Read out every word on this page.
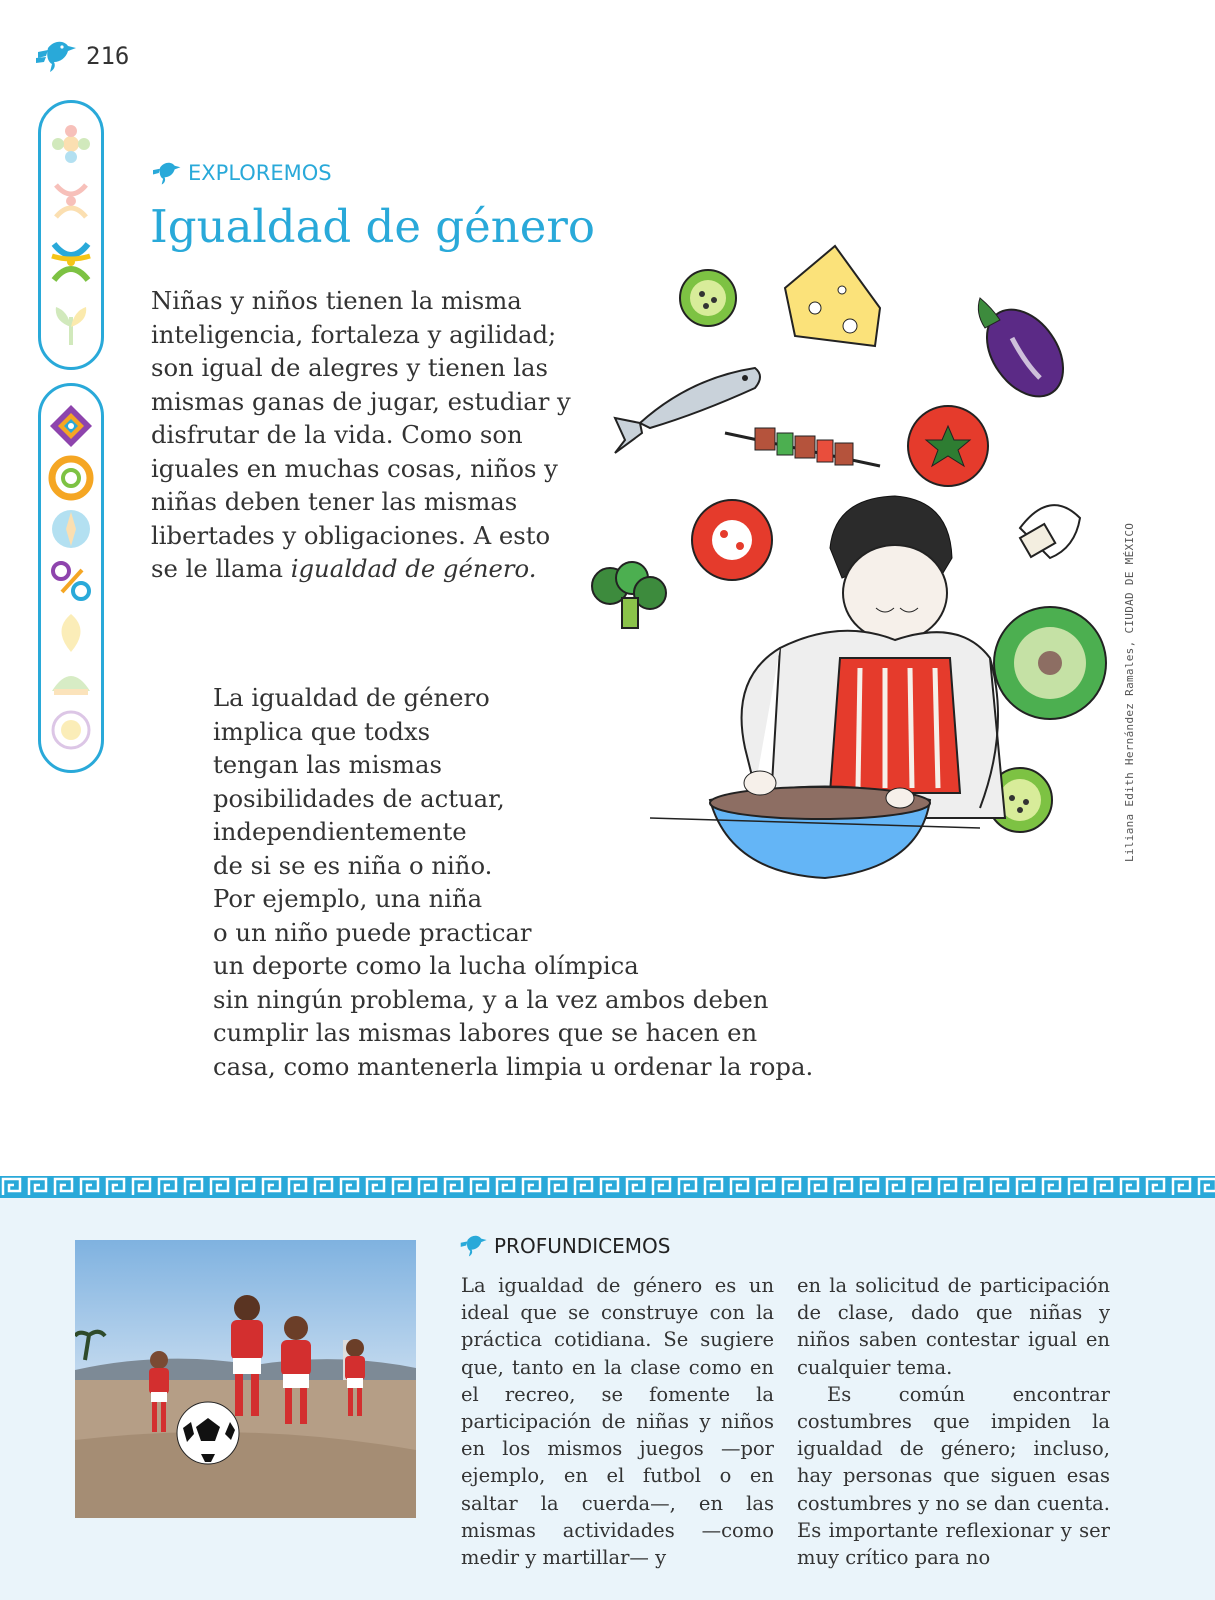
216
EXPLOREMOS
Igualdad de género

Niñas y niños tienen la misma inteligencia, fortaleza y agilidad; son igual de alegres y tienen las mismas ganas de jugar, estudiar y disfrutar de la vida. Como son iguales en muchas cosas, niños y niñas deben tener las mismas libertades y obligaciones. A esto se le llama igualdad de género.

La igualdad de género
implica que todxs
tengan las mismas
posibilidades de actuar,
independientemente
de si se es niña o niño.
Por ejemplo, una niña
o un niño puede practicar
un deporte como la lucha olímpica
sin ningún problema, y a la vez ambos deben
cumplir las mismas labores que se hacen en
casa, como mantenerla limpia u ordenar la ropa.
Liliana Edith Hernández Ramales, CIUDAD DE MÉXICO
PROFUNDICEMOS

La igualdad de género es un ideal que se construye con la práctica cotidiana. Se sugiere que, tanto en la clase como en el recreo, se fomente la participación de niñas y niños en los mismos juegos —por ejemplo, en el futbol o en saltar la cuerda—, en las mismas actividades —como medir y martillar— y

en la solicitud de participación de clase, dado que niñas y niños saben contestar igual en cualquier tema.

Es común encontrar costumbres que impiden la igualdad de género; incluso, hay personas que siguen esas costumbres y no se dan cuenta. Es importante reflexionar y ser muy crítico para no
